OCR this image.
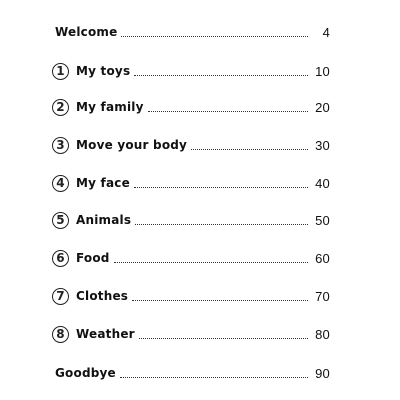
Welcome	4
1 My toys	10
2 My family	20
3 Move your body	30
4 My face	40
5 Animals	50
6 Food	60
7 Clothes	70
8 Weather	80
Goodbye	90
